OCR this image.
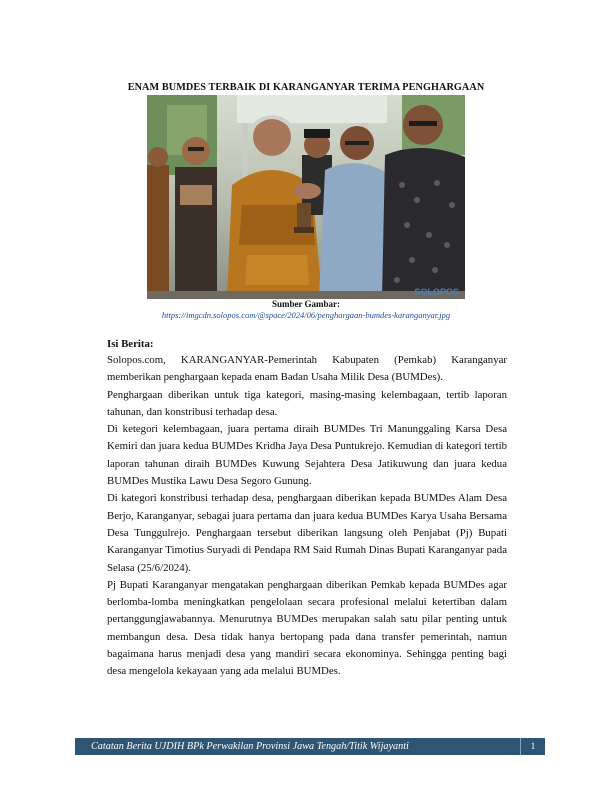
ENAM BUMDES TERBAIK DI KARANGANYAR TERIMA PENGHARGAAN
SOLOPOS
Sumber Gambar:
https://imgcdn.solopos.com/@space/2024/06/penghargaan-bumdes-karanganyar.jpg
Isi Berita:

Solopos.com, KARANGANYAR-Pemerintah Kabupaten (Pemkab) Karanganyar memberikan penghargaan kepada enam Badan Usaha Milik Desa (BUMDes).

Penghargaan diberikan untuk tiga kategori, masing-masing kelembagaan, tertib laporan tahunan, dan konstribusi terhadap desa.

Di ketegori kelembagaan, juara pertama diraih BUMDes Tri Manunggaling Karsa Desa Kemiri dan juara kedua BUMDes Kridha Jaya Desa Puntukrejo. Kemudian di kategori tertib laporan tahunan diraih BUMDes Kuwung Sejahtera Desa Jatikuwung dan juara kedua BUMDes Mustika Lawu Desa Segoro Gunung.

Di kategori konstribusi terhadap desa, penghargaan diberikan kepada BUMDes Alam Desa Berjo, Karanganyar, sebagai juara pertama dan juara kedua BUMDes Karya Usaha Bersama Desa Tunggulrejo. Penghargaan tersebut diberikan langsung oleh Penjabat (Pj) Bupati Karanganyar Timotius Suryadi di Pendapa RM Said Rumah Dinas Bupati Karanganyar pada Selasa (25/6/2024).

Pj Bupati Karanganyar mengatakan penghargaan diberikan Pemkab kepada BUMDes agar berlomba-lomba meningkatkan pengelolaan secara profesional melalui ketertiban dalam pertanggungjawabannya. Menurutnya BUMDes merupakan salah satu pilar penting untuk membangun desa. Desa tidak hanya bertopang pada dana transfer pemerintah, namun bagaimana harus menjadi desa yang mandiri secara ekonominya. Sehingga penting bagi desa mengelola kekayaan yang ada melalui BUMDes.

Catatan Berita UJDIH BPk Perwakilan Provinsi Jawa Tengah/Titik Wijayanti	1
